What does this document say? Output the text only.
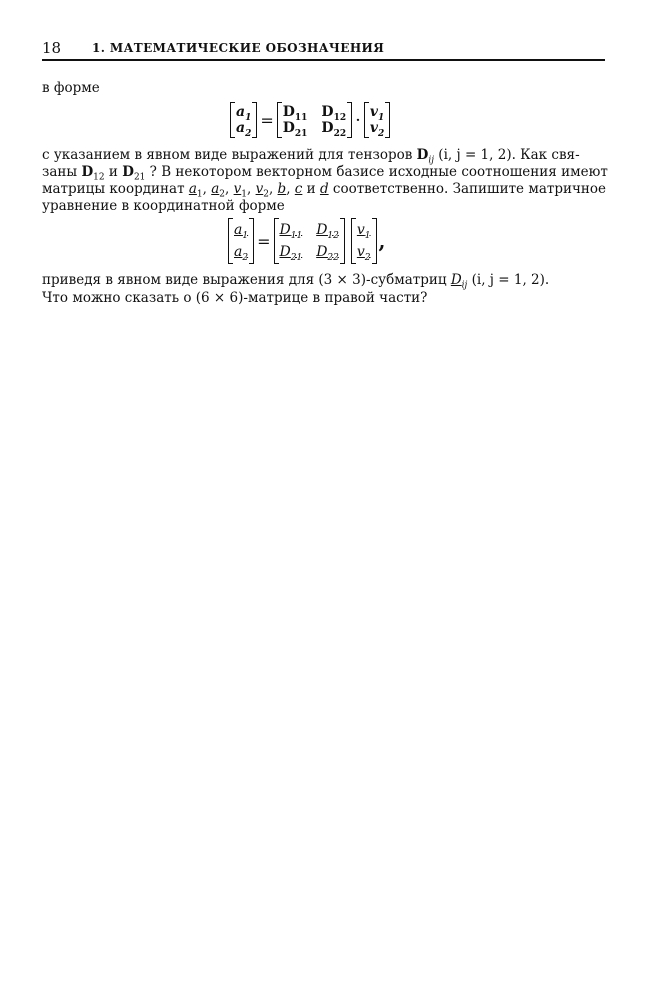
18	1. МАТЕМАТИЧЕСКИЕ ОБОЗНАЧЕНИЯ
в форме
$a_1$
$a_2$
= $D_{11}$ $D_{12}$
$D_{21}$ $D_{22}$
· $v_1$
$v_2$
с указанием в явном виде выражений для тензоров $D_{ij}$ (i, j = 1, 2). Как свя-
заны $D_{12}$ и $D_{21}$ ? В некотором векторном базисе исходные соотношения имеют
матрицы координат $a_1$, $a_2$, $v_1$, $v_2$, b, c и d соответственно. Запишите матричное
уравнение в координатной форме
$\frac{a_1}{a_2}$ =
$D_{11}$ $D_{12}$
$D_{21}$ $D_{22}$
$v_1$
$v_2$
,
приведя в явном виде выражения для (3 × 3)-субматриц $D_{ij}$ (i, j = 1, 2).
Что можно сказать о (6 × 6)-матрице в правой части?
